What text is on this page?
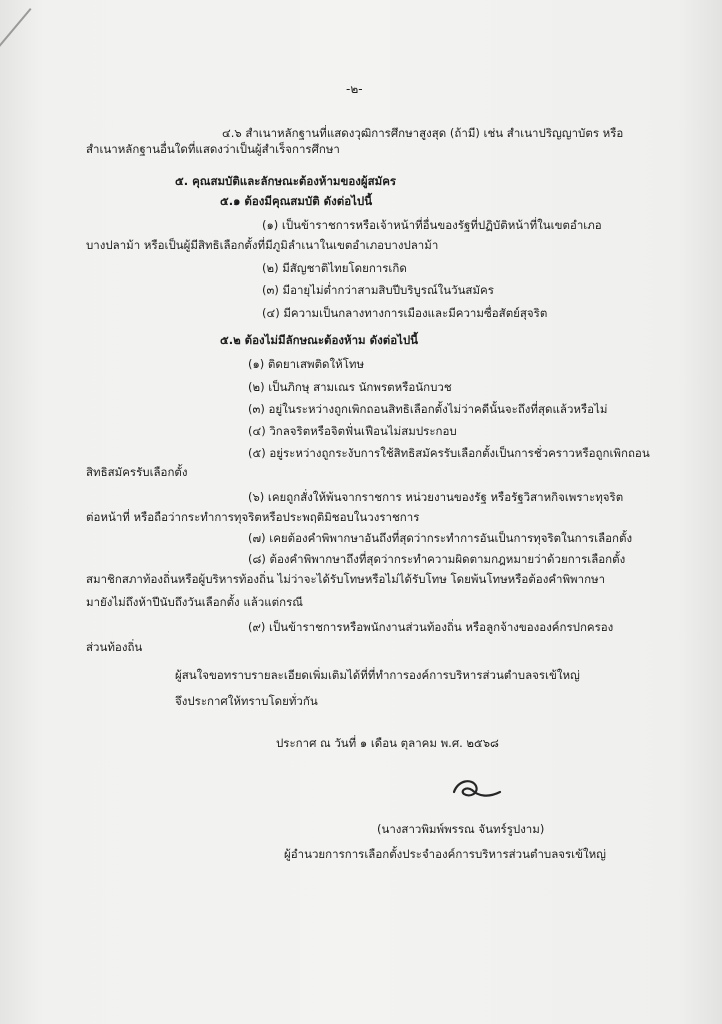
-๒-
๔.๖ สำเนาหลักฐานที่แสดงวุฒิการศึกษาสูงสุด (ถ้ามี) เช่น สำเนาปริญญาบัตร หรือ
สำเนาหลักฐานอื่นใดที่แสดงว่าเป็นผู้สำเร็จการศึกษา
๕. คุณสมบัติและลักษณะต้องห้ามของผู้สมัคร
๕.๑ ต้องมีคุณสมบัติ ดังต่อไปนี้
(๑) เป็นข้าราชการหรือเจ้าหน้าที่อื่นของรัฐที่ปฏิบัติหน้าที่ในเขตอำเภอ
บางปลาม้า หรือเป็นผู้มีสิทธิเลือกตั้งที่มีภูมิลำเนาในเขตอำเภอบางปลาม้า
(๒) มีสัญชาติไทยโดยการเกิด
(๓) มีอายุไม่ต่ำกว่าสามสิบปีบริบูรณ์ในวันสมัคร
(๔) มีความเป็นกลางทางการเมืองและมีความซื่อสัตย์สุจริต
๕.๒ ต้องไม่มีลักษณะต้องห้าม ดังต่อไปนี้
(๑) ติดยาเสพติดให้โทษ
(๒) เป็นภิกษุ สามเณร นักพรตหรือนักบวช
(๓) อยู่ในระหว่างถูกเพิกถอนสิทธิเลือกตั้งไม่ว่าคดีนั้นจะถึงที่สุดแล้วหรือไม่
(๔) วิกลจริตหรือจิตฟั่นเฟือนไม่สมประกอบ
(๕) อยู่ระหว่างถูกระงับการใช้สิทธิสมัครรับเลือกตั้งเป็นการชั่วคราวหรือถูกเพิกถอน
สิทธิสมัครรับเลือกตั้ง
(๖) เคยถูกสั่งให้พ้นจากราชการ หน่วยงานของรัฐ หรือรัฐวิสาหกิจเพราะทุจริต
ต่อหน้าที่ หรือถือว่ากระทำการทุจริตหรือประพฤติมิชอบในวงราชการ
(๗) เคยต้องคำพิพากษาอันถึงที่สุดว่ากระทำการอันเป็นการทุจริตในการเลือกตั้ง
(๘) ต้องคำพิพากษาถึงที่สุดว่ากระทำความผิดตามกฎหมายว่าด้วยการเลือกตั้ง
สมาชิกสภาท้องถิ่นหรือผู้บริหารท้องถิ่น ไม่ว่าจะได้รับโทษหรือไม่ได้รับโทษ โดยพ้นโทษหรือต้องคำพิพากษา
มายังไม่ถึงห้าปีนับถึงวันเลือกตั้ง แล้วแต่กรณี
(๙) เป็นข้าราชการหรือพนักงานส่วนท้องถิ่น หรือลูกจ้างขององค์กรปกครอง
ส่วนท้องถิ่น
ผู้สนใจขอทราบรายละเอียดเพิ่มเติมได้ที่ที่ทำการองค์การบริหารส่วนตำบลจรเข้ใหญ่
จึงประกาศให้ทราบโดยทั่วกัน
ประกาศ ณ วันที่ ๑ เดือน ตุลาคม พ.ศ. ๒๕๖๘
(นางสาวพิมพ์พรรณ จันทร์รูปงาม)
ผู้อำนวยการการเลือกตั้งประจำองค์การบริหารส่วนตำบลจรเข้ใหญ่
